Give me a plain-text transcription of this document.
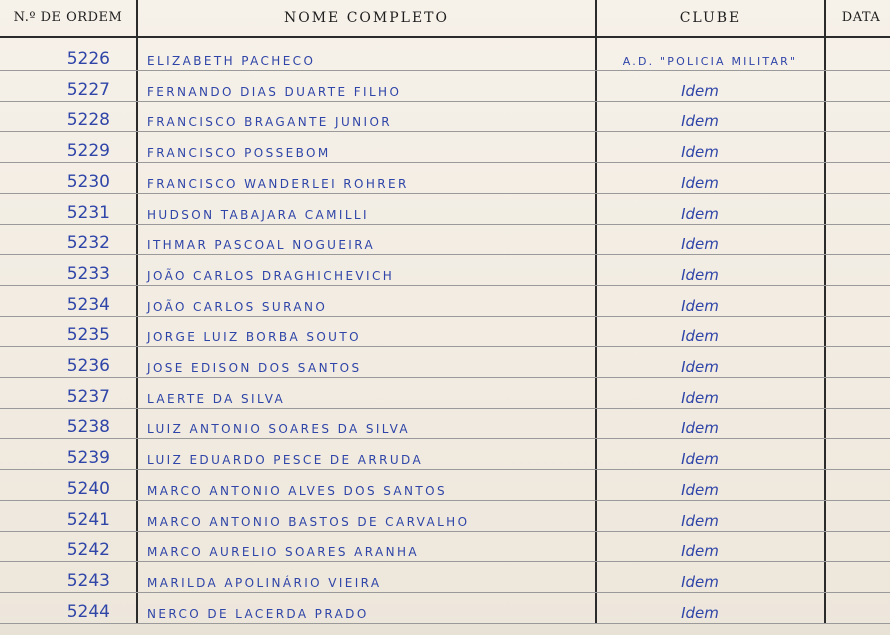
N.º DE ORDEM	NOME COMPLETO	CLUBE	DATA
5226	ELIZABETH PACHECO	A.D. "POLICIA MILITAR"
5227	FERNANDO DIAS DUARTE FILHO	Idem
5228	FRANCISCO BRAGANTE JUNIOR	Idem
5229	FRANCISCO POSSEBOM	Idem
5230	FRANCISCO WANDERLEI ROHRER	Idem
5231	HUDSON TABAJARA CAMILLI	Idem
5232	ITHMAR PASCOAL NOGUEIRA	Idem
5233	JOÃO CARLOS DRAGHICHEVICH	Idem
5234	JOÃO CARLOS SURANO	Idem
5235	JORGE LUIZ BORBA SOUTO	Idem
5236	JOSE EDISON DOS SANTOS	Idem
5237	LAERTE DA SILVA	Idem
5238	LUIZ ANTONIO SOARES DA SILVA	Idem
5239	LUIZ EDUARDO PESCE DE ARRUDA	Idem
5240	MARCO ANTONIO ALVES DOS SANTOS	Idem
5241	MARCO ANTONIO BASTOS DE CARVALHO	Idem
5242	MARCO AURELIO SOARES ARANHA	Idem
5243	MARILDA APOLINÁRIO VIEIRA	Idem
5244	NERCO DE LACERDA PRADO	Idem
